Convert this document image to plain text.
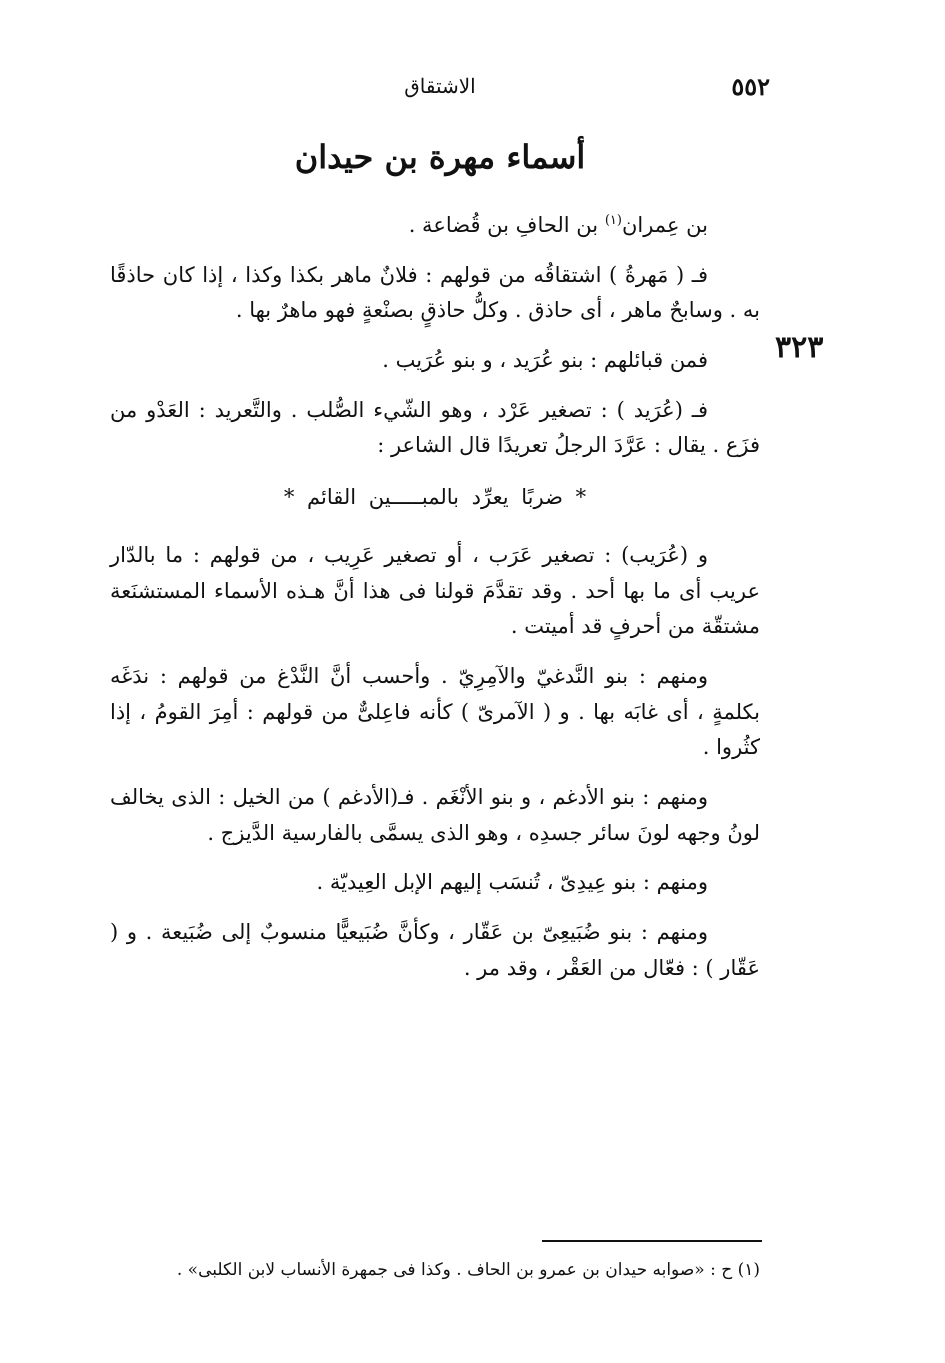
٥٥٢
الاشتقاق
أسماء مهرة بن حيدان
٣٢٣

بن عِمران$^{(١)}$ بن الحافِ بن قُضاعة .

فـ ( مَهرةُ ) اشتقاقُه من قولهم : فلانٌ ماهر بكذا وكذا ، إذا كان حاذقًا به . وسابحٌ ماهر ، أى حاذق . وكلُّ حاذقٍ بصنْعةٍ فهو ماهرٌ بها .

فمن قبائلهم : بنو عُرَيد ، و بنو عُرَيب .

فـ (عُرَيد ) : تصغير عَرْد ، وهو الشّيء الصُّلب . والتَّعريد : العَدْو من فزَع . يقال : عَرَّدَ الرجلُ تعريدًا قال الشاعر :

* ضربًا يعرِّد بالمبـــــين القائم *

و (عُرَيب) : تصغير عَرَب ، أو تصغير عَرِيب ، من قولهم : ما بالدّار عريب أى ما بها أحد . وقد تقدَّمَ قولنا فى هذا أنَّ هـذه الأسماء المستشنَعة مشتقّة من أحرفٍ قد أميتت .

ومنهم : بنو النَّدغيّ والآمِرِيّ . وأحسب أنَّ النَّدْغ من قولهم : ندَغَه بكلمةٍ ، أى غابَه بها . و ( الآمرىّ ) كأنه فاعِلىٌّ من قولهم : أمِرَ القومُ ، إذا كثُروا .

ومنهم : بنو الأدغم ، و بنو الأنْغَم . فـ(الأدغم ) من الخيل : الذى يخالف لونُ وجهه لونَ سائر جسدِه ، وهو الذى يسمَّى بالفارسية الدَّيزج .

ومنهم : بنو عِيدِىّ ، تُنسَب إليهم الإبل العِيديّة .

ومنهم : بنو ضُبَيعِىّ بن عَقّار ، وكأنَّ ضُبَيعيًّا منسوبٌ إلى ضُبَيعة . و ( عَقّار ) : فعّال من العَقْر ، وقد مر .

(١) ح : «صوابه حيدان بن عمرو بن الحاف . وكذا فى جمهرة الأنساب لابن الكلبى» .
